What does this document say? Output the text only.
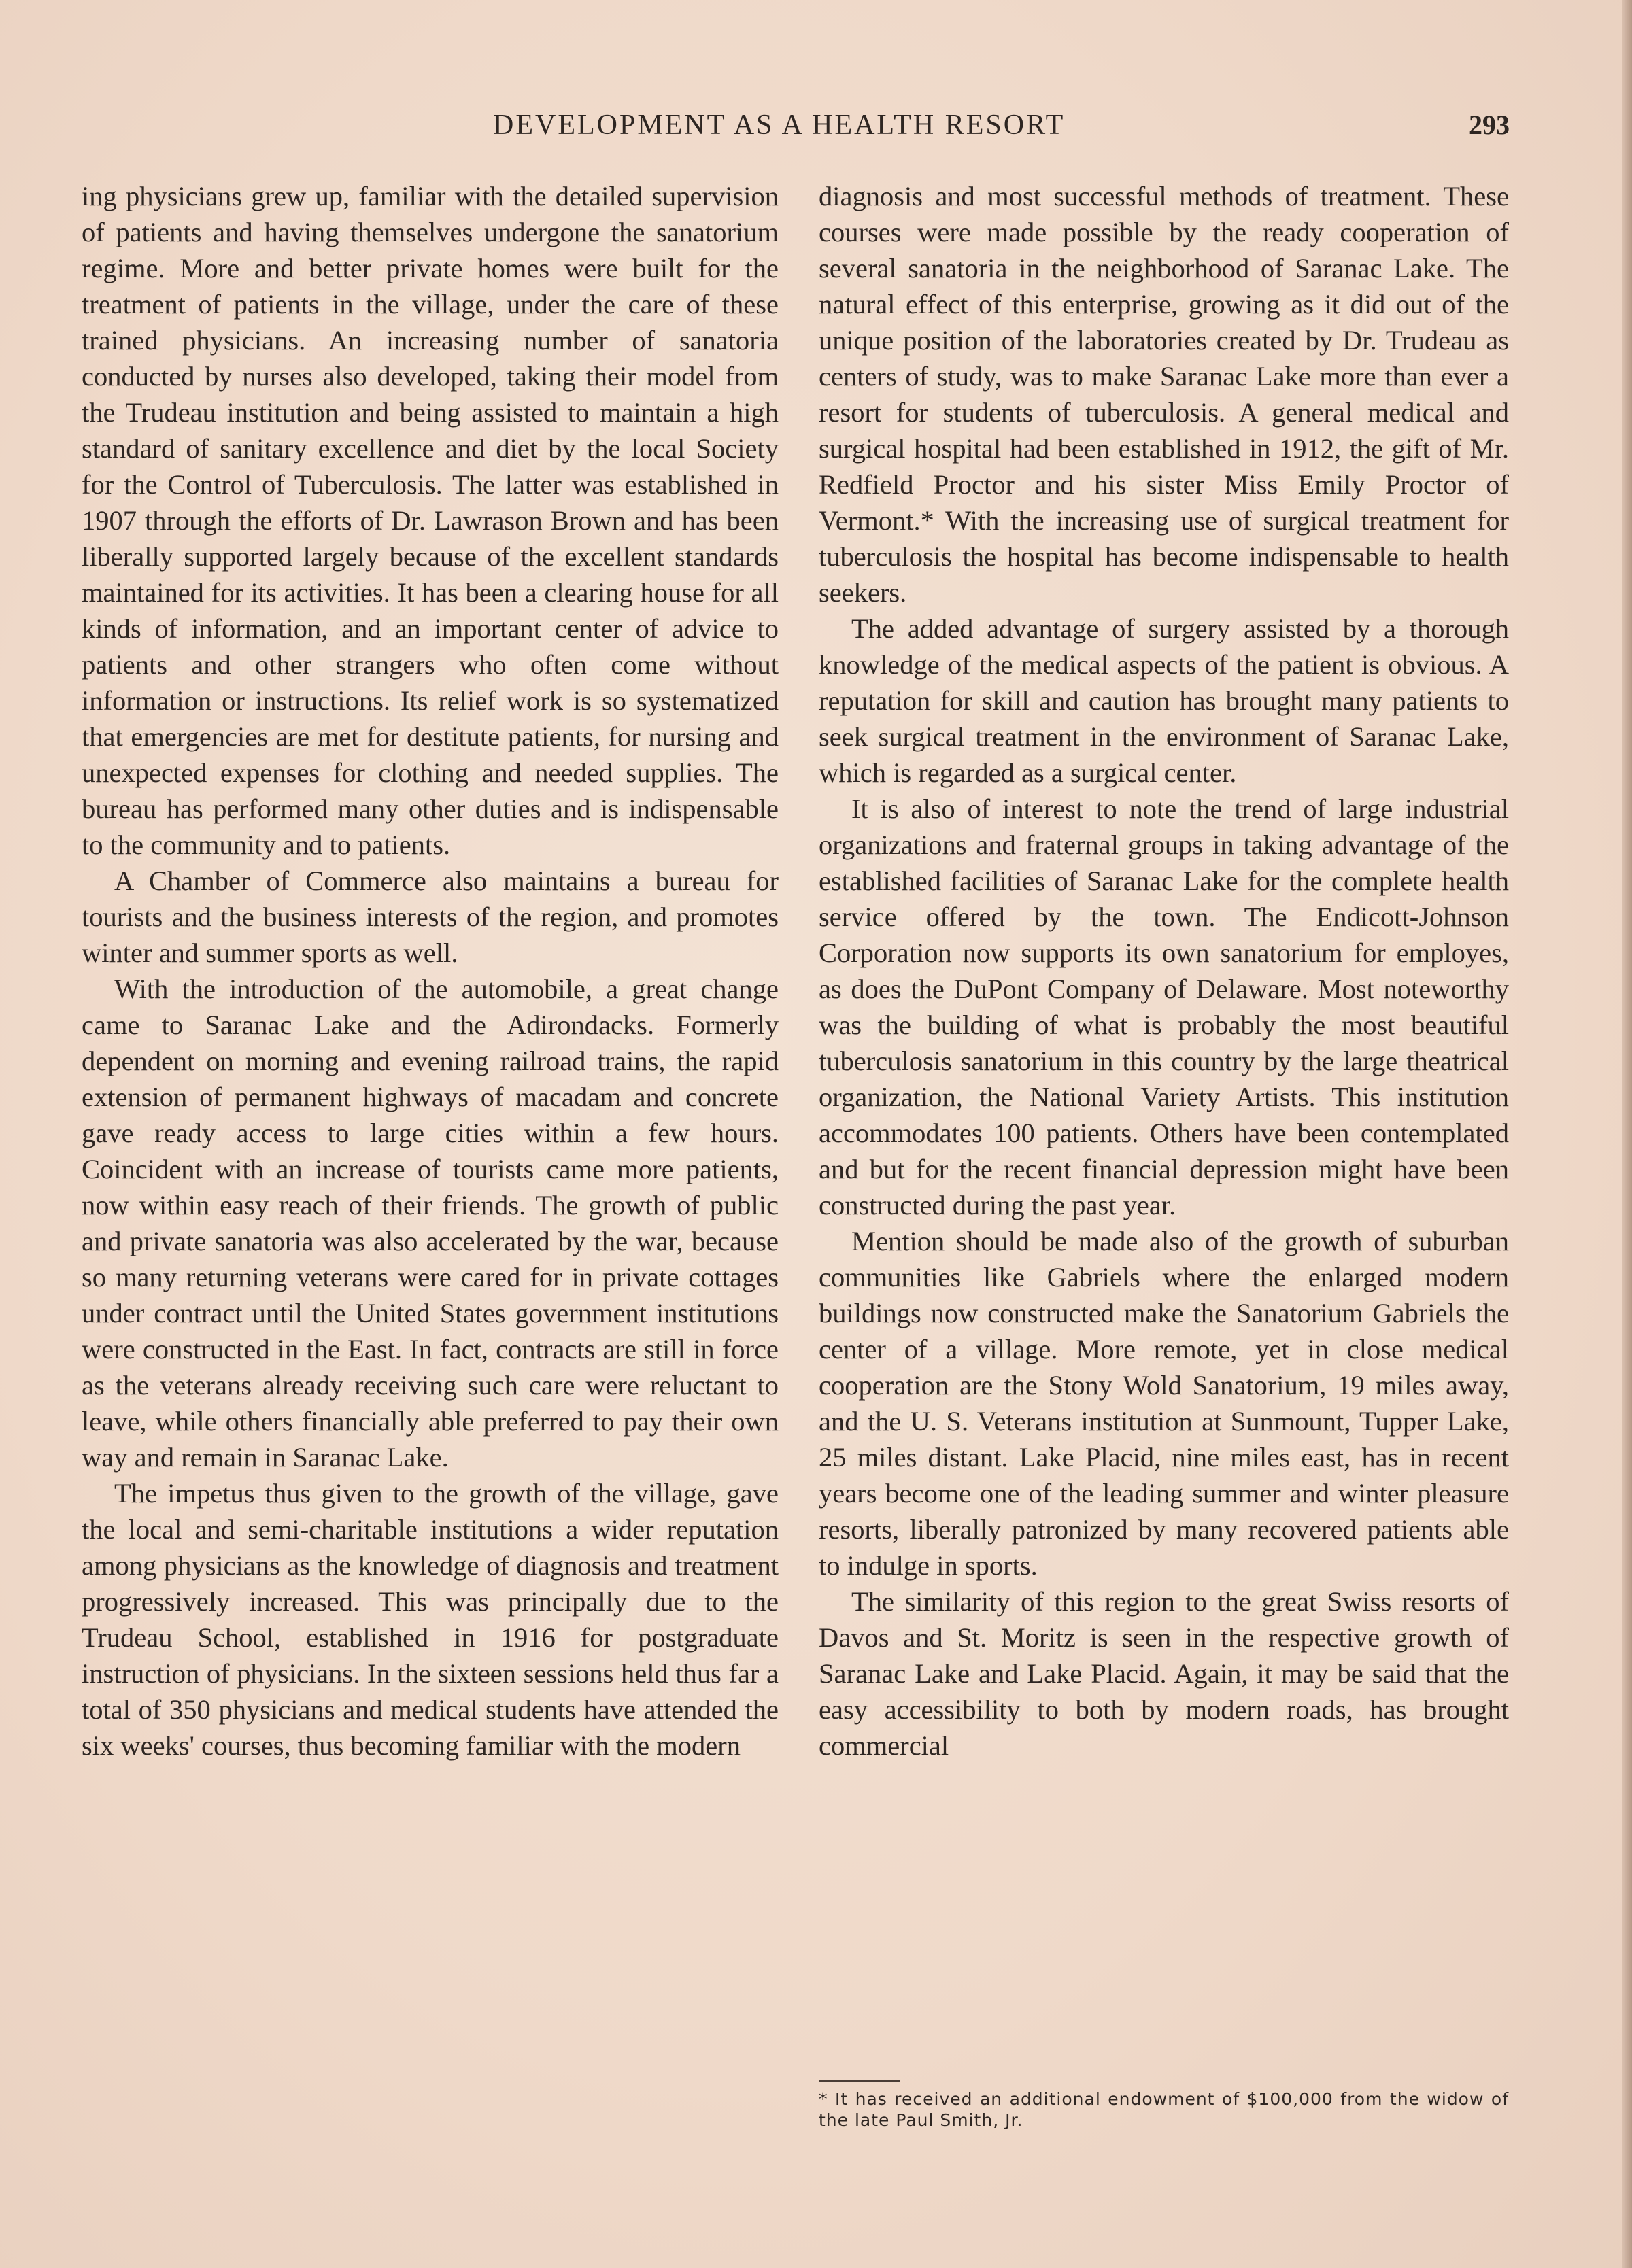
DEVELOPMENT AS A HEALTH RESORT	293

ing physicians grew up, familiar with the detailed supervision of patients and having themselves undergone the sanatorium regime. More and better private homes were built for the treatment of patients in the village, under the care of these trained physicians. An increasing number of sanatoria conducted by nurses also developed, taking their model from the Trudeau institution and being assisted to maintain a high standard of sanitary excellence and diet by the local Society for the Control of Tuberculosis. The latter was established in 1907 through the efforts of Dr. Lawrason Brown and has been liberally supported largely because of the excellent standards maintained for its activities. It has been a clearing house for all kinds of information, and an important center of advice to patients and other strangers who often come without information or instructions. Its relief work is so systematized that emergencies are met for destitute patients, for nursing and unexpected expenses for clothing and needed supplies. The bureau has performed many other duties and is indispensable to the community and to patients.

A Chamber of Commerce also maintains a bureau for tourists and the business interests of the region, and promotes winter and summer sports as well.

With the introduction of the automobile, a great change came to Saranac Lake and the Adirondacks. Formerly dependent on morning and evening railroad trains, the rapid extension of permanent highways of macadam and concrete gave ready access to large cities within a few hours. Coincident with an increase of tourists came more patients, now within easy reach of their friends. The growth of public and private sanatoria was also accelerated by the war, because so many returning veterans were cared for in private cottages under contract until the United States government institutions were constructed in the East. In fact, contracts are still in force as the veterans already receiving such care were reluctant to leave, while others financially able preferred to pay their own way and remain in Saranac Lake.

The impetus thus given to the growth of the village, gave the local and semi-charitable institutions a wider reputation among physicians as the knowledge of diagnosis and treatment progressively increased. This was principally due to the Trudeau School, established in 1916 for postgraduate instruction of physicians. In the sixteen sessions held thus far a total of 350 physicians and medical students have attended the six weeks' courses, thus becoming familiar with the modern

diagnosis and most successful methods of treatment. These courses were made possible by the ready cooperation of several sanatoria in the neighborhood of Saranac Lake. The natural effect of this enterprise, growing as it did out of the unique position of the laboratories created by Dr. Trudeau as centers of study, was to make Saranac Lake more than ever a resort for students of tuberculosis. A general medical and surgical hospital had been established in 1912, the gift of Mr. Redfield Proctor and his sister Miss Emily Proctor of Vermont.* With the increasing use of surgical treatment for tuberculosis the hospital has become indispensable to health seekers.

The added advantage of surgery assisted by a thorough knowledge of the medical aspects of the patient is obvious. A reputation for skill and caution has brought many patients to seek surgical treatment in the environment of Saranac Lake, which is regarded as a surgical center.

It is also of interest to note the trend of large industrial organizations and fraternal groups in taking advantage of the established facilities of Saranac Lake for the complete health service offered by the town. The Endicott-Johnson Corporation now supports its own sanatorium for employes, as does the DuPont Company of Delaware. Most noteworthy was the building of what is probably the most beautiful tuberculosis sanatorium in this country by the large theatrical organization, the National Variety Artists. This institution accommodates 100 patients. Others have been contemplated and but for the recent financial depression might have been constructed during the past year.

Mention should be made also of the growth of suburban communities like Gabriels where the enlarged modern buildings now constructed make the Sanatorium Gabriels the center of a village. More remote, yet in close medical cooperation are the Stony Wold Sanatorium, 19 miles away, and the U. S. Veterans institution at Sunmount, Tupper Lake, 25 miles distant. Lake Placid, nine miles east, has in recent years become one of the leading summer and winter pleasure resorts, liberally patronized by many recovered patients able to indulge in sports.

The similarity of this region to the great Swiss resorts of Davos and St. Moritz is seen in the respective growth of Saranac Lake and Lake Placid. Again, it may be said that the easy accessibility to both by modern roads, has brought commercial

* It has received an additional endowment of $100,000 from the widow of the late Paul Smith, Jr.
